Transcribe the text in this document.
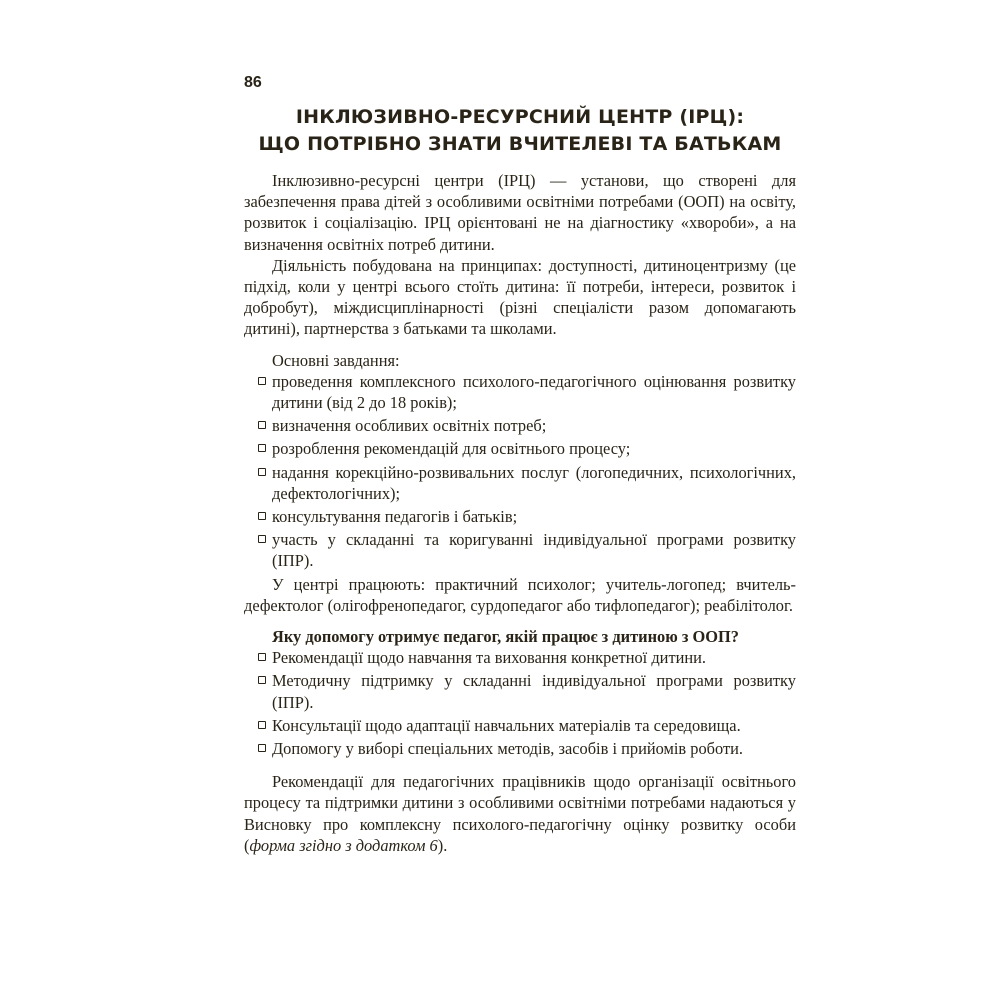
86
ІНКЛЮЗИВНО-РЕСУРСНИЙ ЦЕНТР (ІРЦ):
ЩО ПОТРІБНО ЗНАТИ ВЧИТЕЛЕВІ ТА БАТЬКАМ

Інклюзивно-ресурсні центри (ІРЦ) — установи, що створені для забезпечення права дітей з особливими освітніми потребами (ООП) на освіту, розвиток і соціалізацію. ІРЦ орієнтовані не на діагностику «хвороби», а на визначення освітніх потреб дитини.

Діяльність побудована на принципах: доступності, дитиноцентризму (це підхід, коли у центрі всього стоїть дитина: її потреби, інтереси, розвиток і добробут), міждисциплінарності (різні спеціалісти разом допомагають дитині), партнерства з батьками та школами.

Основні завдання:

проведення комплексного психолого-педагогічного оцінювання розвитку дитини (від 2 до 18 років);
визначення особливих освітніх потреб;
розроблення рекомендацій для освітнього процесу;
надання корекційно-розвивальних послуг (логопедичних, психологічних, дефектологічних);
консультування педагогів і батьків;
участь у складанні та коригуванні індивідуальної програми розвитку (ІПР).

У центрі працюють: практичний психолог; учитель-логопед; вчитель-дефектолог (олігофренопедагог, сурдопедагог або тифлопедагог); реабілітолог.

Яку допомогу отримує педагог, якій працює з дитиною з ООП?

Рекомендації щодо навчання та виховання конкретної дитини.
Методичну підтримку у складанні індивідуальної програми розвитку (ІПР).
Консультації щодо адаптації навчальних матеріалів та середовища.
Допомогу у виборі спеціальних методів, засобів і прийомів роботи.

Рекомендації для педагогічних працівників щодо організації освітнього процесу та підтримки дитини з особливими освітніми потребами надаються у Висновку про комплексну психолого-педагогічну оцінку розвитку особи (форма згідно з додатком 6).
